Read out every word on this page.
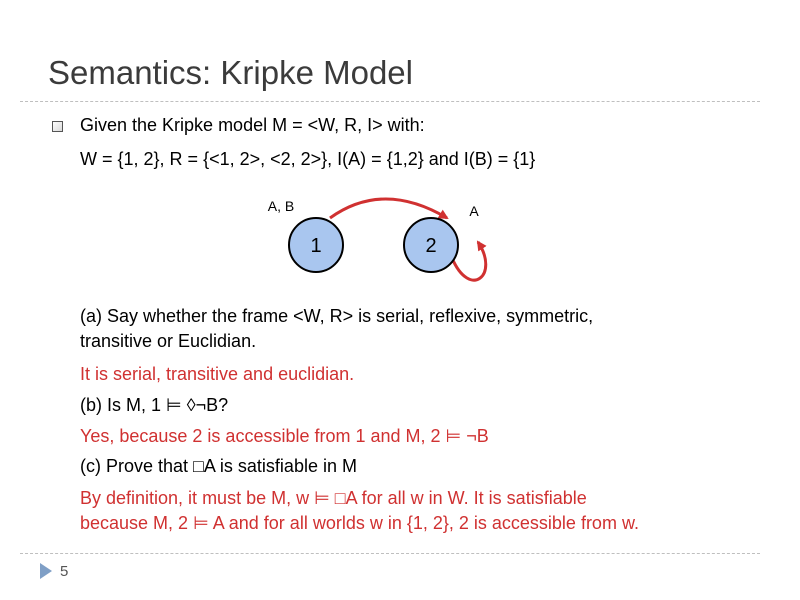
Semantics: Kripke Model
Given the Kripke model M = <W, R, I> with:
W = {1, 2}, R = {<1, 2>, <2, 2>}, I(A) = {1,2} and I(B) = {1}
1	2
A, B	A
(a) Say whether the frame <W, R> is serial, reflexive, symmetric,
transitive or Euclidian.
It is serial, transitive and euclidian.
(b) Is M, 1 ⊨ ◊¬B?
Yes, because 2 is accessible from 1 and M, 2 ⊨ ¬B
(c) Prove that □A is satisfiable in M
By definition, it must be M, w ⊨ □A for all w in W. It is satisfiable
because M, 2 ⊨ A and for all worlds w in {1, 2}, 2 is accessible from w.
5
